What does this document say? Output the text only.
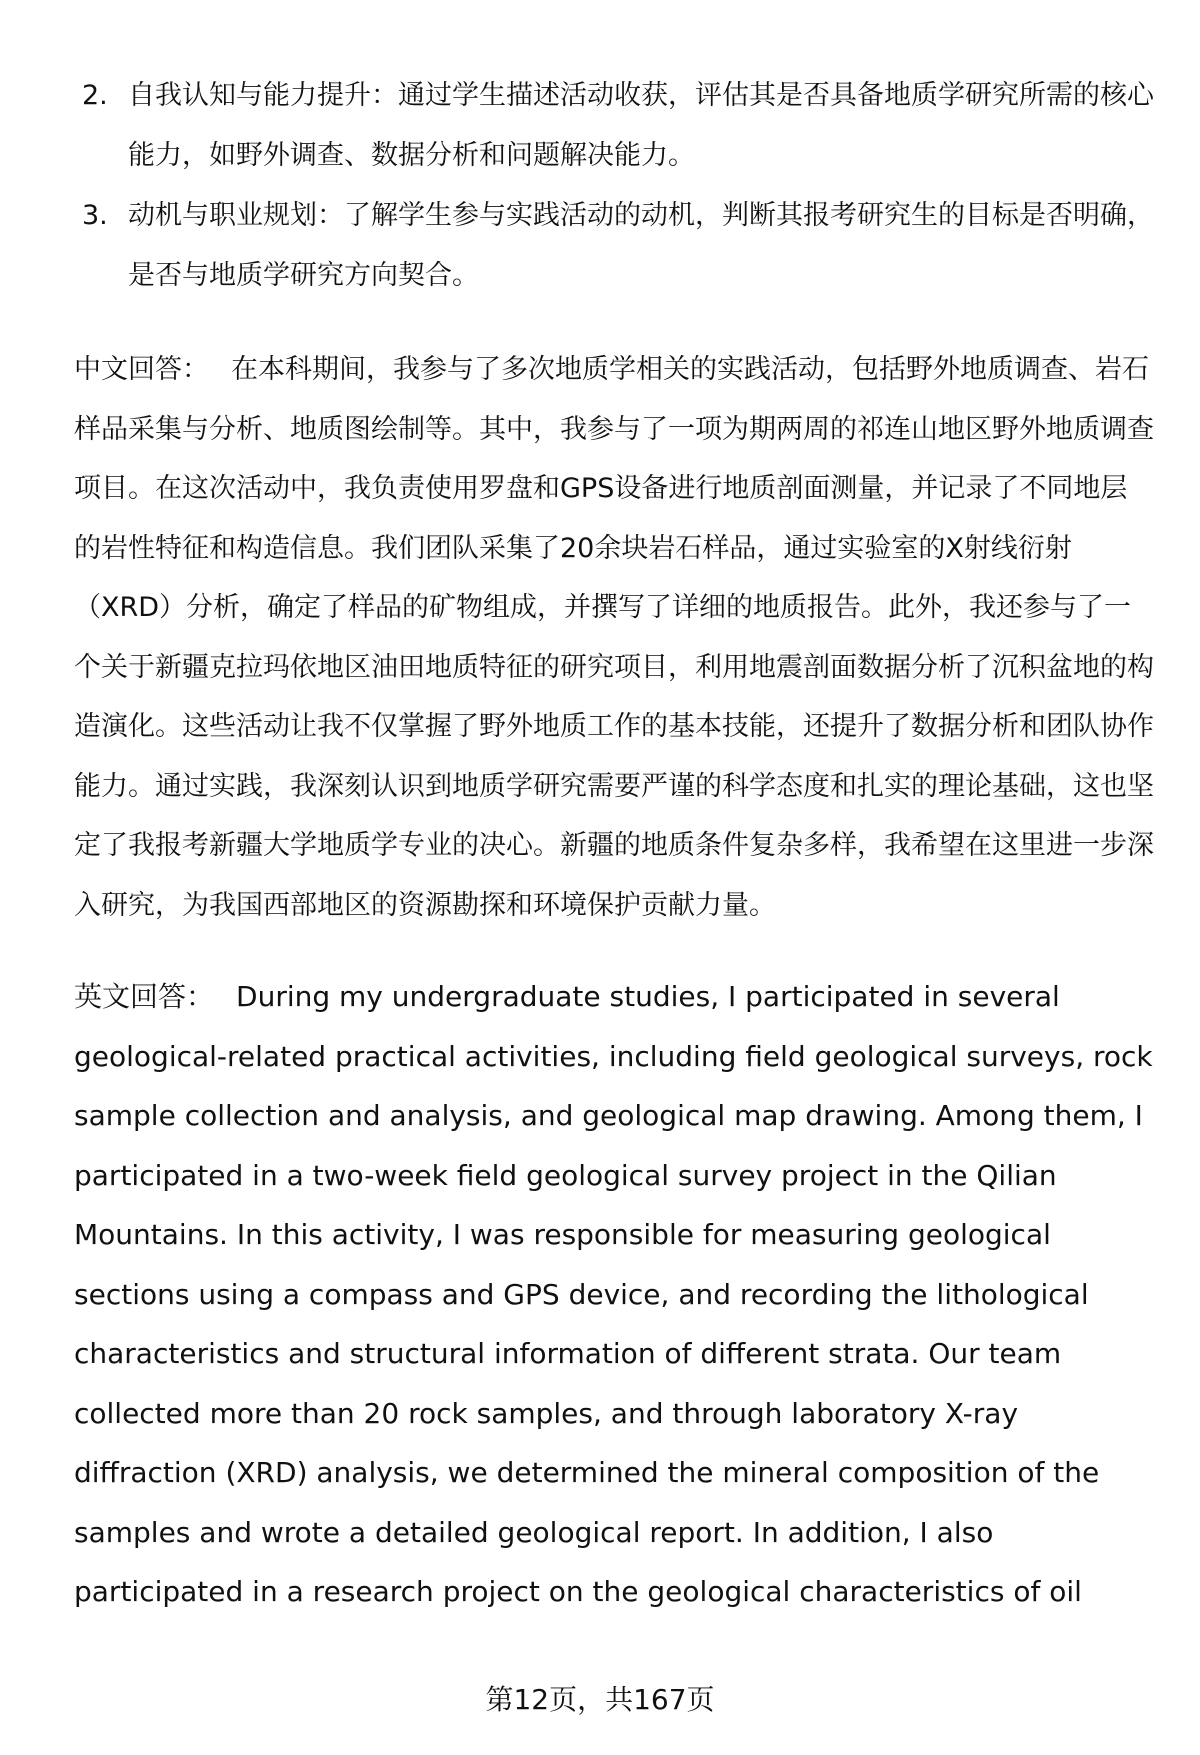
2. 自我认知与能力提升：通过学生描述活动收获，评估其是否具备地质学研究所需的核心能力，如野外调查、数据分析和问题解决能力。
3. 动机与职业规划：了解学生参与实践活动的动机，判断其报考研究生的目标是否明确，是否与地质学研究方向契合。

中文回答： 在本科期间，我参与了多次地质学相关的实践活动，包括野外地质调查、岩石样品采集与分析、地质图绘制等。其中，我参与了一项为期两周的祁连山地区野外地质调查项目。在这次活动中，我负责使用罗盘和GPS设备进行地质剖面测量，并记录了不同地层的岩性特征和构造信息。我们团队采集了20余块岩石样品，通过实验室的X射线衍射（XRD）分析，确定了样品的矿物组成，并撰写了详细的地质报告。此外，我还参与了一个关于新疆克拉玛依地区油田地质特征的研究项目，利用地震剖面数据分析了沉积盆地的构造演化。这些活动让我不仅掌握了野外地质工作的基本技能，还提升了数据分析和团队协作能力。通过实践，我深刻认识到地质学研究需要严谨的科学态度和扎实的理论基础，这也坚定了我报考新疆大学地质学专业的决心。新疆的地质条件复杂多样，我希望在这里进一步深入研究，为我国西部地区的资源勘探和环境保护贡献力量。

英文回答： During my undergraduate studies, I participated in several geological-related practical activities, including field geological surveys, rock sample collection and analysis, and geological map drawing. Among them, I participated in a two-week field geological survey project in the Qilian Mountains. In this activity, I was responsible for measuring geological sections using a compass and GPS device, and recording the lithological characteristics and structural information of different strata. Our team collected more than 20 rock samples, and through laboratory X-ray diffraction (XRD) analysis, we determined the mineral composition of the samples and wrote a detailed geological report. In addition, I also participated in a research project on the geological characteristics of oil

第12页，共167页
